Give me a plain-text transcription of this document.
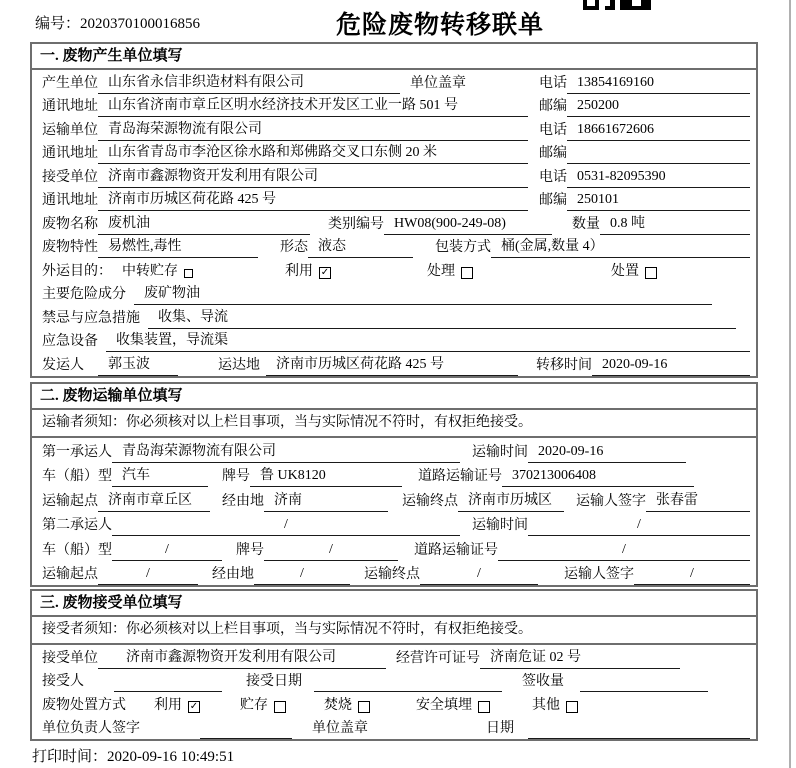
编号：2020370100016856	危险废物转移联单
一. 废物产生单位填写
产生单位 山东省永信非织造材料有限公司	单位盖章	电话 13854169160
通讯地址 山东省济南市章丘区明水经济技术开发区工业一路 501 号	邮编 250200
运输单位 青岛海荣源物流有限公司	电话 18661672606
通讯地址 山东省青岛市李沧区徐水路和郑佛路交叉口东侧 20 米	邮编
接受单位 济南市鑫源物资开发利用有限公司	电话 0531-82095390
通讯地址 济南市历城区荷花路 425 号	邮编 250101
废物名称 废机油	类别编号 HW08(900-249-08)	数量 0.8 吨
废物特性 易燃性,毒性	形态 液态	包装方式 桶(金属,数量 4）
外运目的： 中转贮存	利用 ✓	处理	处置
主要危险成分	废矿物油
禁忌与应急措施	收集、导流
应急设备	收集装置，导流渠
发运人	郭玉波	运达地	济南市历城区荷花路 425 号	转移时间 2020-09-16
二. 废物运输单位填写
运输者须知：你必须核对以上栏目事项，当与实际情况不符时，有权拒绝接受。
第一承运人 青岛海荣源物流有限公司	运输时间 2020-09-16
车（船）型 汽车	牌号 鲁 UK8120	道路运输证号 370213006408
运输起点 济南市章丘区	经由地 济南	运输终点 济南市历城区	运输人签字 张春雷
第二承运人	/	运输时间	/
车（船）型	/	牌号	/	道路运输证号	/
运输起点	/	经由地	/	运输终点	/	运输人签字	/
三. 废物接受单位填写
接受者须知：你必须核对以上栏目事项，当与实际情况不符时，有权拒绝接受。
接受单位	济南市鑫源物资开发利用有限公司	经营许可证号 济南危证 02 号
接受人	接受日期	签收量
废物处置方式 利用 ✓	贮存	焚烧	安全填埋	其他
单位负责人签字	单位盖章	日期
打印时间：2020-09-16 10:49:51
